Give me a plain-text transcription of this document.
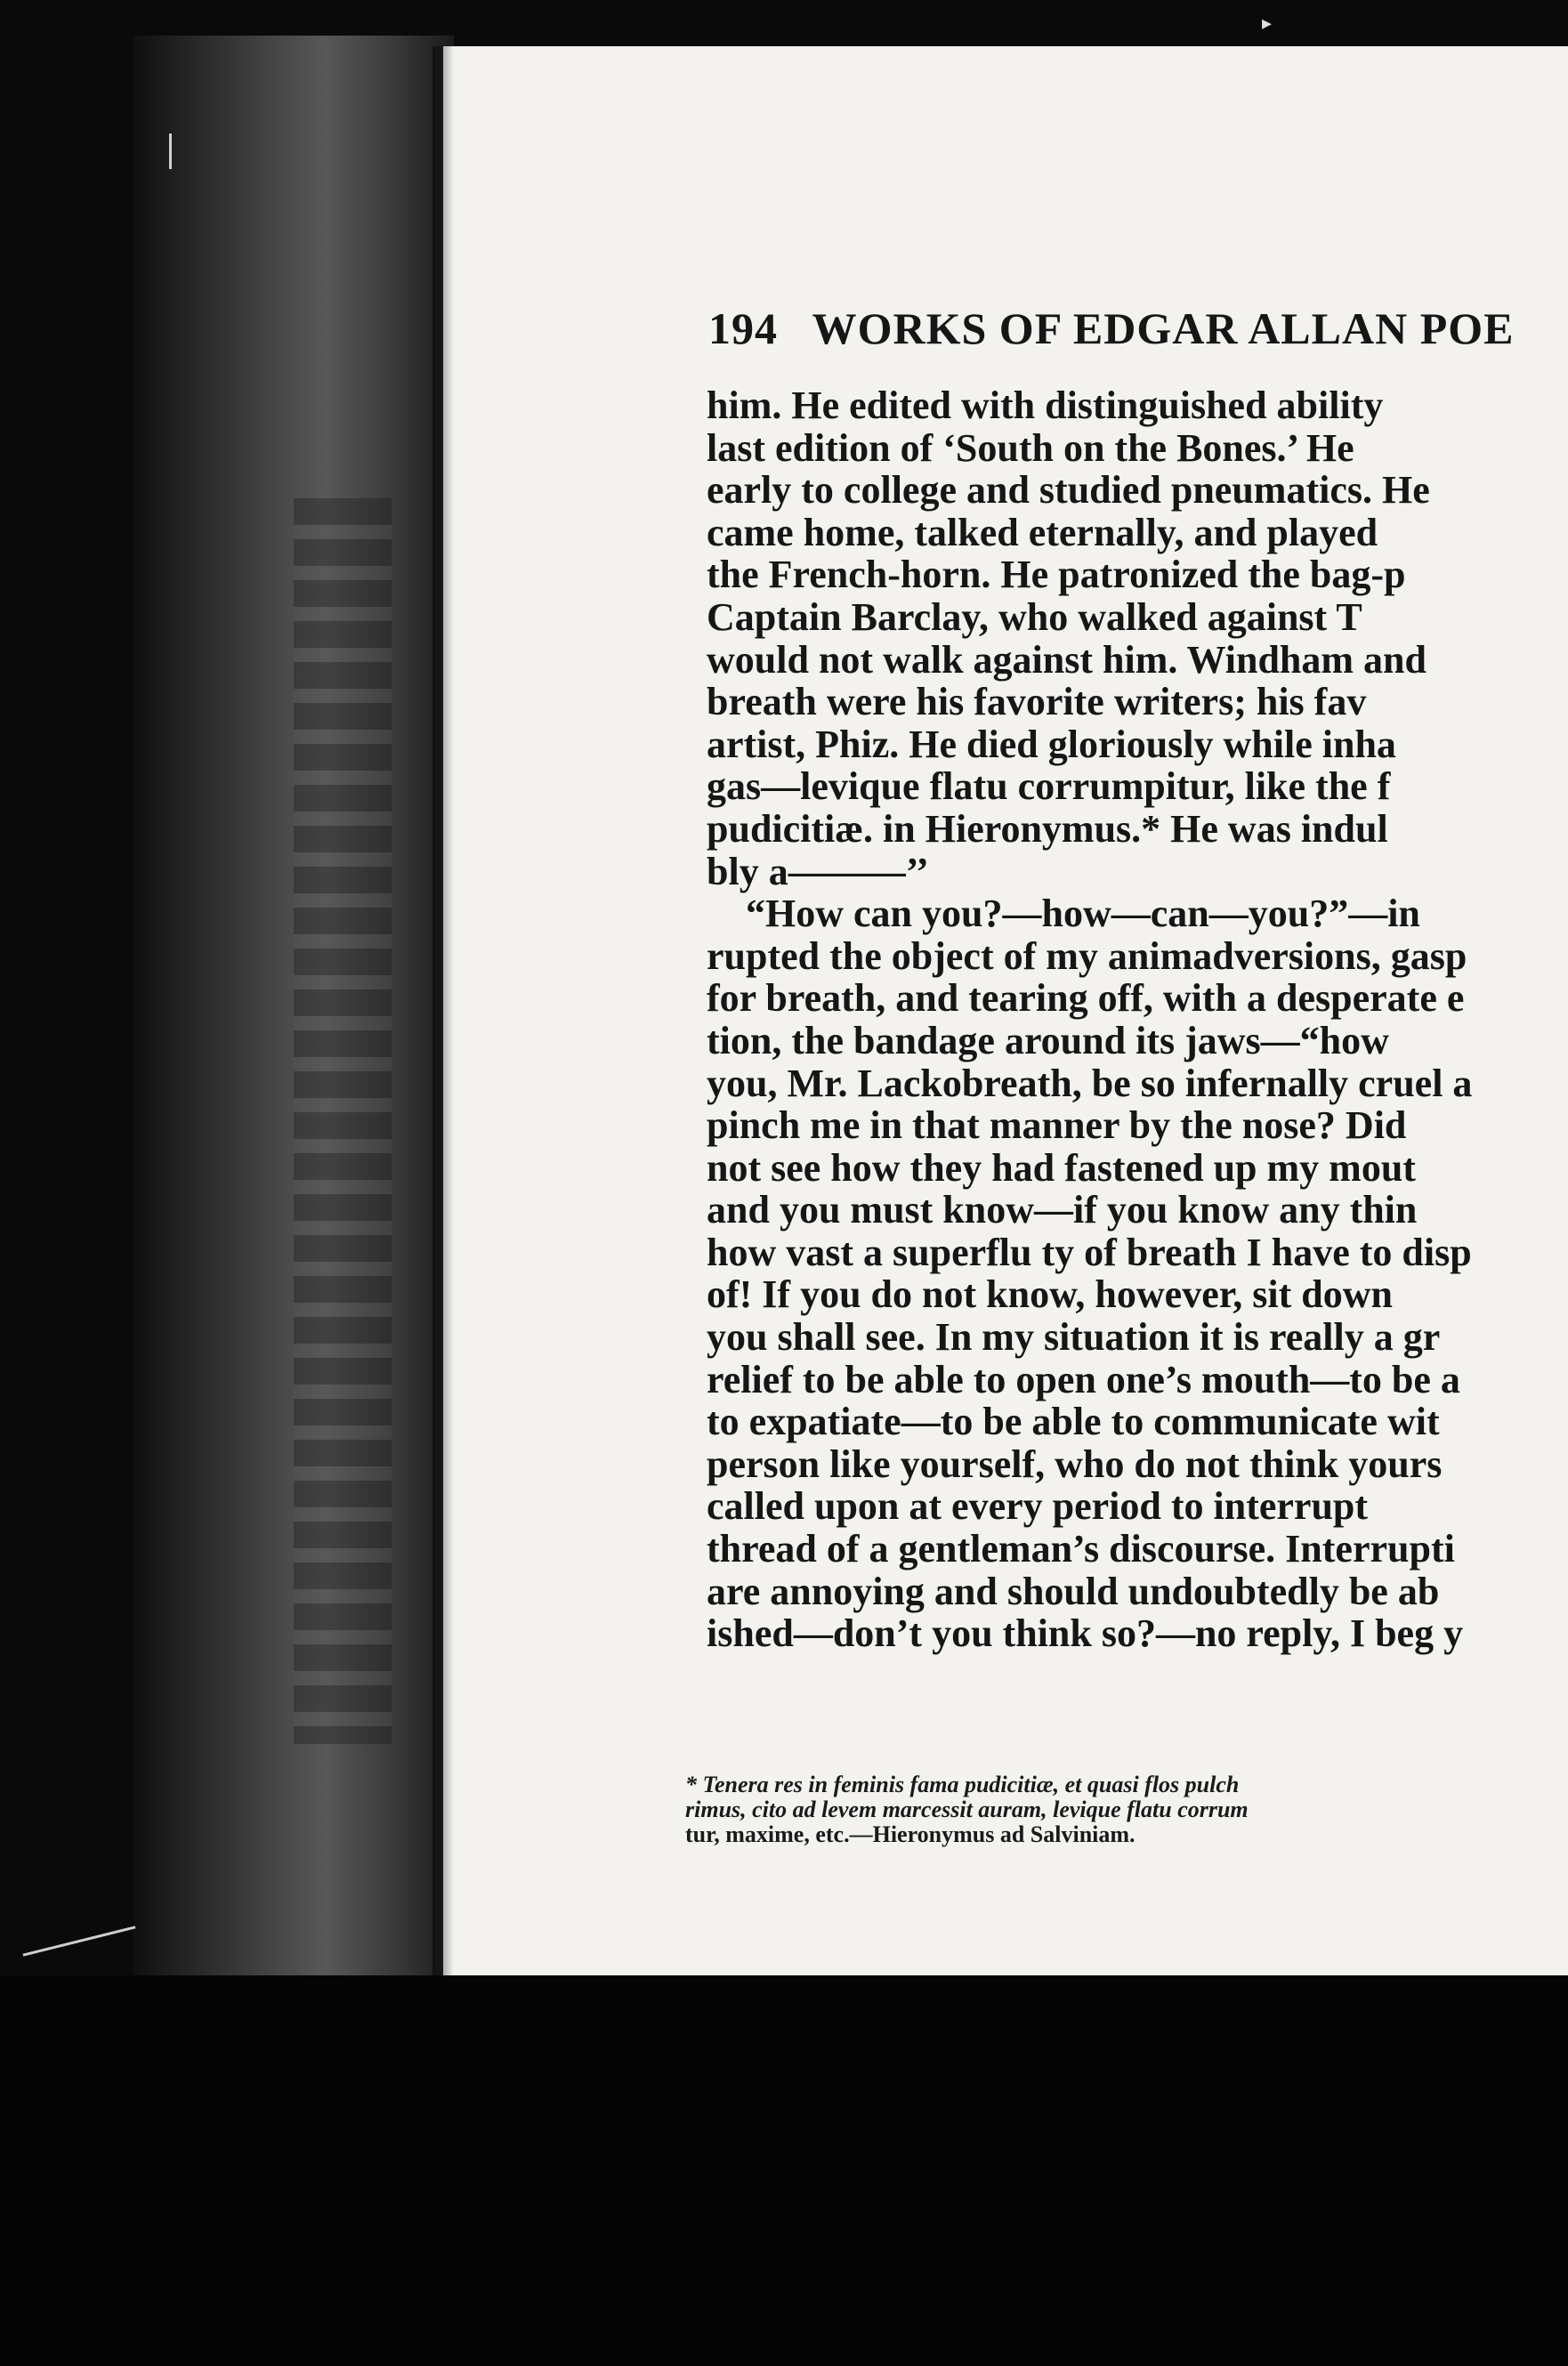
▸
194 WORKS OF EDGAR ALLAN POE
him. He edited with distinguished ability
last edition of ‘South on the Bones.’ He
early to college and studied pneumatics. He
came home, talked eternally, and played
the French-horn. He patronized the bag-p
Captain Barclay, who walked against T
would not walk against him. Windham and
breath were his favorite writers; his fav
artist, Phiz. He died gloriously while inha
gas—levique flatu corrumpitur, like the f
pudicitiæ. in Hieronymus.* He was indul
bly a———’’
“How can you?—how—can—you?”—in
rupted the object of my animadversions, gasp
for breath, and tearing off, with a desperate e
tion, the bandage around its jaws—“how
you, Mr. Lackobreath, be so infernally cruel a
pinch me in that manner by the nose? Did
not see how they had fastened up my mout
and you must know—if you know any thin
how vast a superflu ty of breath I have to disp
of! If you do not know, however, sit down
you shall see. In my situation it is really a gr
relief to be able to open one’s mouth—to be a
to expatiate—to be able to communicate wit
person like yourself, who do not think yours
called upon at every period to interrupt
thread of a gentleman’s discourse. Interrupti
are annoying and should undoubtedly be ab
ished—don’t you think so?—no reply, I beg y
* Tenera res in feminis fama pudicitiæ, et quasi flos pulch
rimus, cito ad levem marcessit auram, levique flatu corrum
tur, maxime, etc.—Hieronymus ad Salviniam.
